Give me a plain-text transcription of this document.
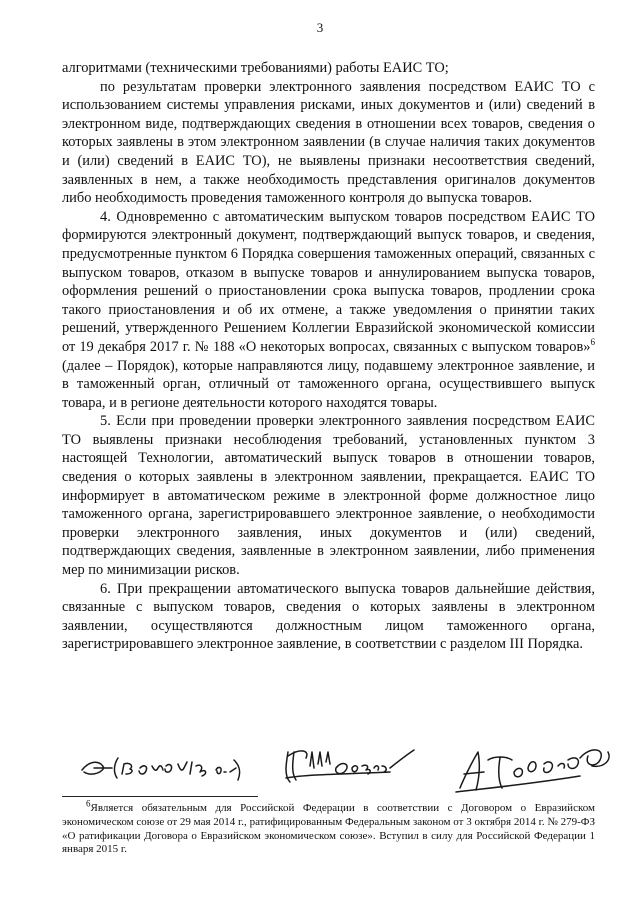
3

алгоритмами (техническими требованиями) работы ЕАИС ТО;

по результатам проверки электронного заявления посредством ЕАИС ТО с использованием системы управления рисками, иных документов и (или) сведений в электронном виде, подтверждающих сведения в отношении всех товаров, сведения о которых заявлены в этом электронном заявлении (в случае наличия таких документов и (или) сведений в ЕАИС ТО), не выявлены признаки несоответствия сведений, заявленных в нем, а также необходимость представления оригиналов документов либо необходимость проведения таможенного контроля до выпуска товаров.

4. Одновременно с автоматическим выпуском товаров посредством ЕАИС ТО формируются электронный документ, подтверждающий выпуск товаров, и сведения, предусмотренные пунктом 6 Порядка совершения таможенных операций, связанных с выпуском товаров, отказом в выпуске товаров и аннулированием выпуска товаров, оформления решений о приостановлении срока выпуска товаров, продлении срока такого приостановления и об их отмене, а также уведомления о принятии таких решений, утвержденного Решением Коллегии Евразийской экономической комиссии от 19 декабря 2017 г. № 188 «О некоторых вопросах, связанных с выпуском товаров»$^6$ (далее – Порядок), которые направляются лицу, подавшему электронное заявление, и в таможенный орган, отличный от таможенного органа, осуществившего выпуск товара, и в регионе деятельности которого находятся товары.

5. Если при проведении проверки электронного заявления посредством ЕАИС ТО выявлены признаки несоблюдения требований, установленных пунктом 3 настоящей Технологии, автоматический выпуск товаров в отношении товаров, сведения о которых заявлены в электронном заявлении, прекращается. ЕАИС ТО информирует в автоматическом режиме в электронной форме должностное лицо таможенного органа, зарегистрировавшего электронное заявление, о необходимости проверки электронного заявления, иных документов и (или) сведений, подтверждающих сведения, заявленные в электронном заявлении, либо применения мер по минимизации рисков.

6. При прекращении автоматического выпуска товаров дальнейшие действия, связанные с выпуском товаров, сведения о которых заявлены в электронном заявлении, осуществляются должностным лицом таможенного органа, зарегистрировавшего электронное заявление, в соответствии с разделом III Порядка.

$^6$Является обязательным для Российской Федерации в соответствии с Договором о Евразийском экономическом союзе от 29 мая 2014 г., ратифицированным Федеральным законом от 3 октября 2014 г. № 279-ФЗ «О ратификации Договора о Евразийском экономическом союзе». Вступил в силу для Российской Федерации 1 января 2015 г.
